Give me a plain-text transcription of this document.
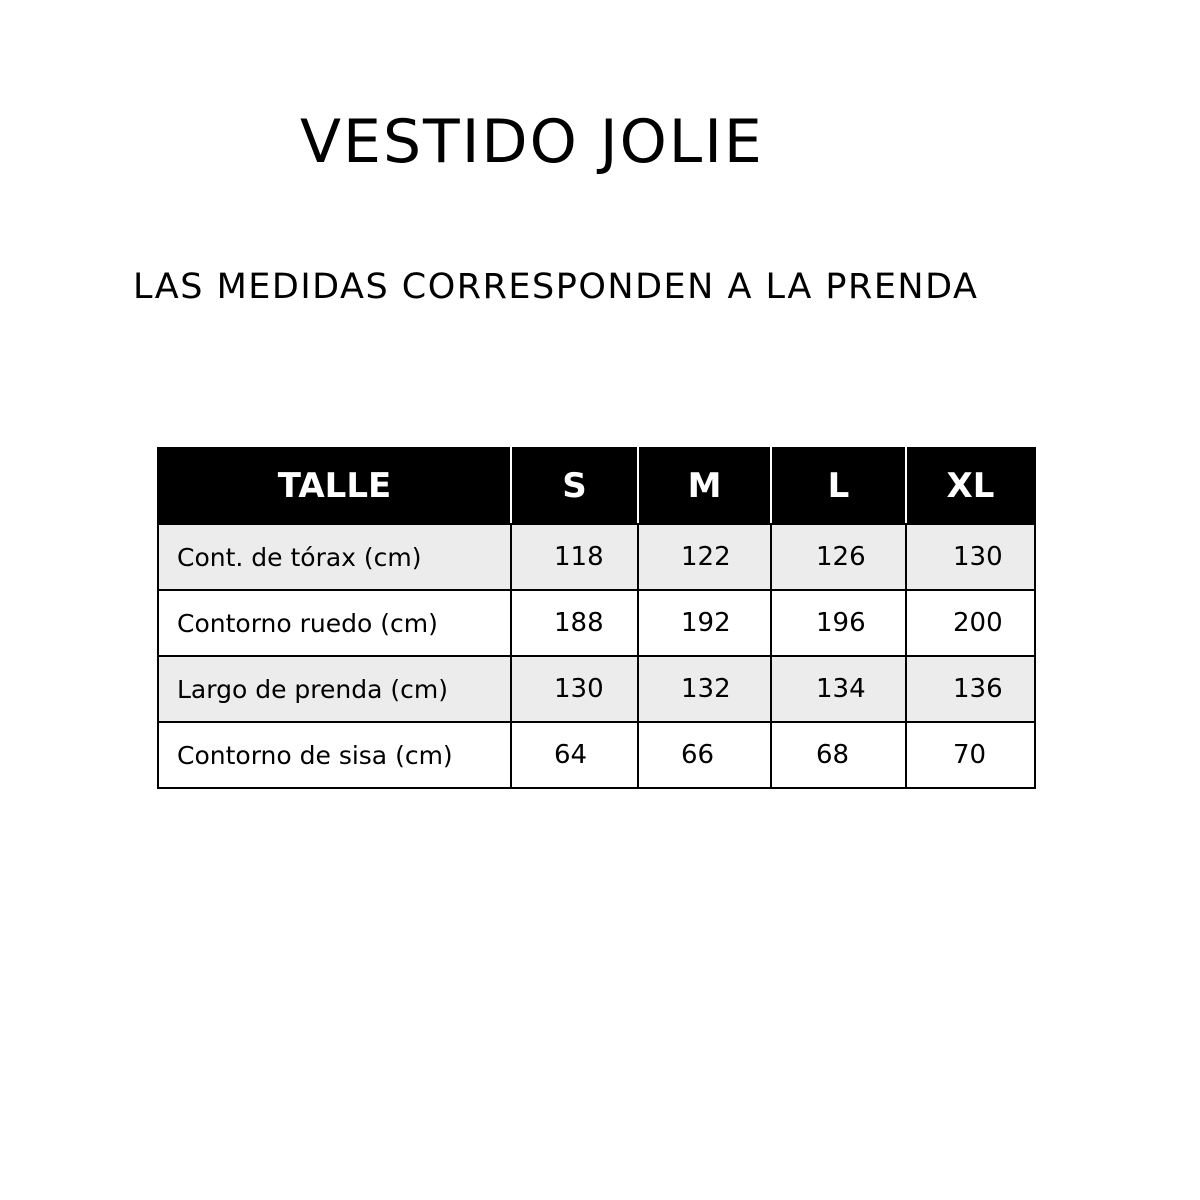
VESTIDO JOLIE
LAS MEDIDAS CORRESPONDEN A LA PRENDA
TALLE	S	M	L	XL
Cont. de tórax (cm)	118	122	126	130
Contorno ruedo (cm)	188	192	196	200
Largo de prenda (cm)	130	132	134	136
Contorno de sisa (cm)	64	66	68	70
